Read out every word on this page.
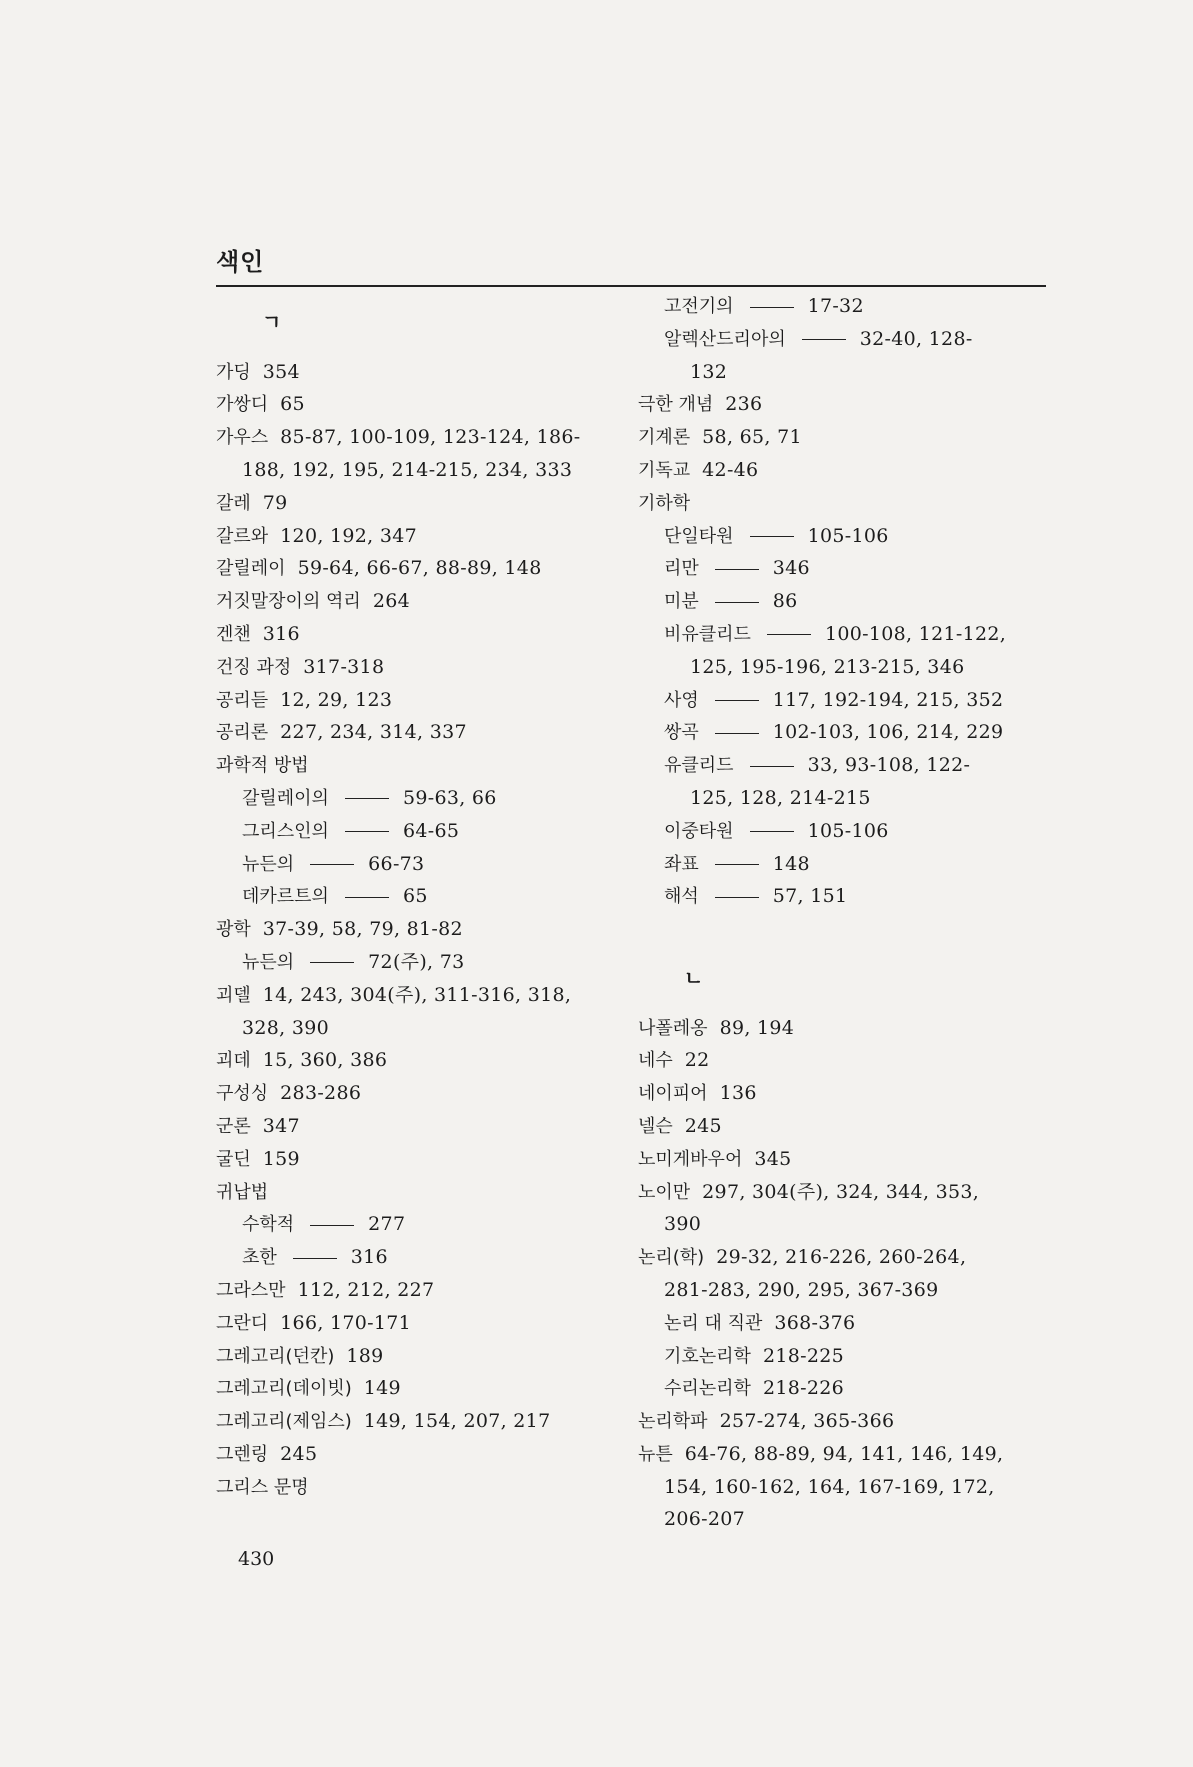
색인
ㄱ
가딩 354
가쌍디 65
가우스 85-87, 100-109, 123-124, 186-
188, 192, 195, 214-215, 234, 333
갈레 79
갈르와 120, 192, 347
갈릴레이 59-64, 66-67, 88-89, 148
거짓말장이의 역리 264
겐챈 316
건징 과정 317-318
공리듣 12, 29, 123
공리론 227, 234, 314, 337
과학적 방법
갈릴레이의	59-63, 66
그리스인의	64-65
뉴든의	66-73
데카르트의	65
광학 37-39, 58, 79, 81-82
뉴든의	72(주), 73
괴델 14, 243, 304(주), 311-316, 318,
328, 390
괴데 15, 360, 386
구성싱 283-286
군론 347
굴딘 159
귀납법
수학적	277
초한	316
그라스만 112, 212, 227
그란디 166, 170-171
그레고리(던칸) 189
그레고리(데이빗) 149
그레고리(제임스) 149, 154, 207, 217
그렌링 245
그리스 문명
고전기의	17-32
알렉산드리아의	32-40, 128-
132
극한 개념 236
기계론 58, 65, 71
기독교 42-46
기하학
단일타원	105-106
리만	346
미분	86
비유클리드	100-108, 121-122,
125, 195-196, 213-215, 346
사영	117, 192-194, 215, 352
쌍곡	102-103, 106, 214, 229
유클리드	33, 93-108, 122-
125, 128, 214-215
이중타원	105-106
좌표	148
해석	57, 151
ㄴ
나폴레옹 89, 194
네수 22
네이피어 136
넬슨 245
노미게바우어 345
노이만 297, 304(주), 324, 344, 353,
390
논리(학) 29-32, 216-226, 260-264,
281-283, 290, 295, 367-369
논리 대 직관 368-376
기호논리학 218-225
수리논리학 218-226
논리학파 257-274, 365-366
뉴튼 64-76, 88-89, 94, 141, 146, 149,
154, 160-162, 164, 167-169, 172,
206-207
430
